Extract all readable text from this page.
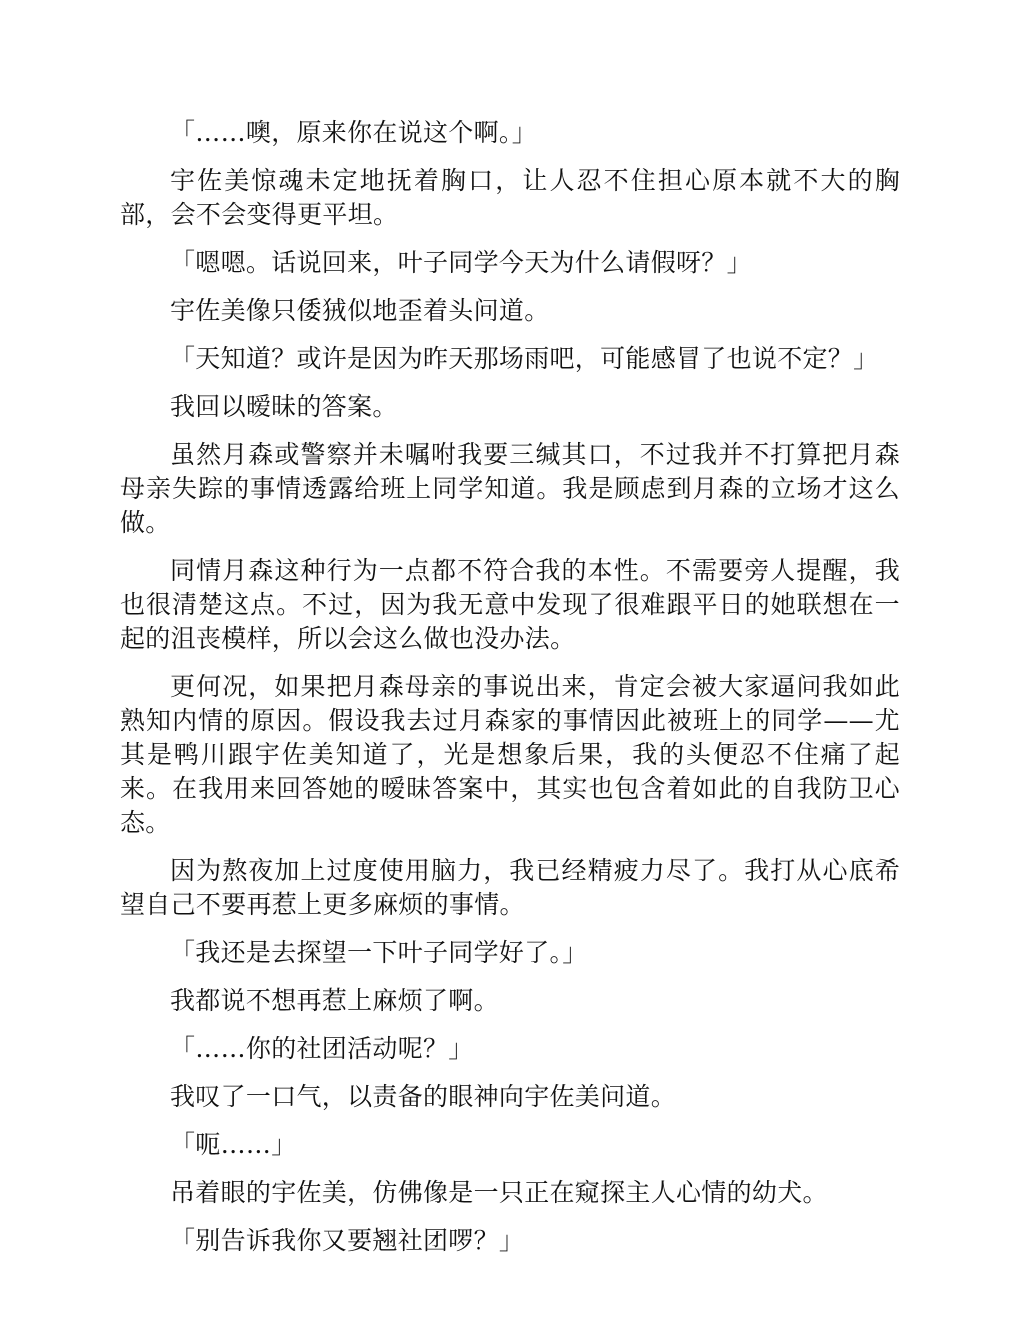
「……噢，原来你在说这个啊。」

宇佐美惊魂未定地抚着胸口，让人忍不住担心原本就不大的胸部，会不会变得更平坦。

「嗯嗯。话说回来，叶子同学今天为什么请假呀？」

宇佐美像只倭狨似地歪着头问道。

「天知道？或许是因为昨天那场雨吧，可能感冒了也说不定？」

我回以暧昧的答案。

虽然月森或警察并未嘱咐我要三缄其口，不过我并不打算把月森母亲失踪的事情透露给班上同学知道。我是顾虑到月森的立场才这么做。

同情月森这种行为一点都不符合我的本性。不需要旁人提醒，我也很清楚这点。不过，因为我无意中发现了很难跟平日的她联想在一起的沮丧模样，所以会这么做也没办法。

更何况，如果把月森母亲的事说出来，肯定会被大家逼问我如此熟知内情的原因。假设我去过月森家的事情因此被班上的同学——尤其是鸭川跟宇佐美知道了，光是想象后果，我的头便忍不住痛了起来。在我用来回答她的暧昧答案中，其实也包含着如此的自我防卫心态。

因为熬夜加上过度使用脑力，我已经精疲力尽了。我打从心底希望自己不要再惹上更多麻烦的事情。

「我还是去探望一下叶子同学好了。」

我都说不想再惹上麻烦了啊。

「……你的社团活动呢？」

我叹了一口气，以责备的眼神向宇佐美问道。

「呃……」

吊着眼的宇佐美，仿佛像是一只正在窥探主人心情的幼犬。

「别告诉我你又要翘社团啰？」
